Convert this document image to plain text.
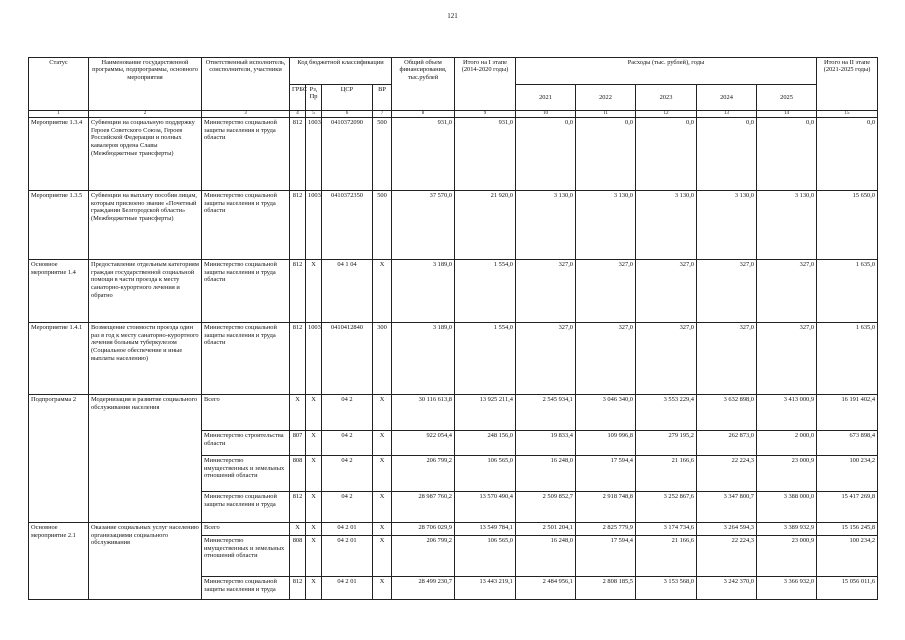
121
Статус	Наименование государственной программы, подпрограммы, основного мероприятия	Ответственный исполнитель, соисполнители, участники	Код бюджетной классификации				Общий объем финансирования, тыс.рублей	Итого на I этапе (2014-2020 годы)	Расходы (тыс. рублей), годы					Итого на II этапе (2021-2025 годы)
			ГРБС	Рз, Пр	ЦСР	ВР			2021	2022	2023	2024	2025	
1	2	3	4	5	6	7	8	9	10	11	12	13	14	15
Мероприятие 1.3.4	Субвенции на социальную поддержку Героев Советского Союза, Героев Российской Федерации и полных кавалеров ордена Славы (Межбюджетные трансферты)	Министерство социальной защиты населения и труда области	812	1003	0410372090	500	931,0	931,0	0,0	0,0	0,0	0,0	0,0	0,0
Мероприятие 1.3.5	Субвенции на выплату пособия лицам, которым присвоено звание «Почетный гражданин Белгородской области» (Межбюджетные трансферты)	Министерство социальной защиты населения и труда области	812	1003	0410372350	500	37 570,0	21 920,0	3 130,0	3 130,0	3 130,0	3 130,0	3 130,0	15 650,0
Основное мероприятие 1.4	Предоставление отдельным категориям граждан государственной социальной помощи в части проезда к месту санаторно-курортного лечения и обратно	Министерство социальной защиты населения и труда области	812	Х	04 1 04	Х	3 189,0	1 554,0	327,0	327,0	327,0	327,0	327,0	1 635,0
Мероприятие 1.4.1	Возмещение стоимости проезда один раз в год к месту санаторно-курортного лечения больным туберкулезом (Социальное обеспечение и иные выплаты населению)	Министерство социальной защиты населения и труда области	812	1003	0410412840	300	3 189,0	1 554,0	327,0	327,0	327,0	327,0	327,0	1 635,0
Подпрограмма 2	Модернизация и развитие социального обслуживания населения	Всего	Х	Х	04 2	Х	30 116 613,8	13 925 211,4	2 545 934,1	3 046 340,0	3 553 229,4	3 632 898,0	3 413 000,9	16 191 402,4
		Министерство строительства области	807	Х	04 2	Х	922 054,4	248 156,0	19 833,4	109 996,8	279 195,2	262 873,0	2 000,0	673 898,4
		Министерство имущественных и земельных отношений области	808	Х	04 2	Х	206 799,2	106 565,0	16 248,0	17 594,4	21 166,6	22 224,3	23 000,9	100 234,2
		Министерство социальной защиты населения и труда	812	Х	04 2	Х	28 987 760,2	13 570 490,4	2 509 852,7	2 918 748,8	3 252 867,6	3 347 800,7	3 388 000,0	15 417 269,8
Основное мероприятие 2.1	Оказание социальных услуг населению организациями социального обслуживания	Всего	Х	Х	04 2 01	Х	28 706 029,9	13 549 784,1	2 501 204,1	2 825 779,9	3 174 734,6	3 264 594,3	3 389 932,9	15 156 245,8
		Министерство имущественных и земельных отношений области	808	Х	04 2 01	Х	206 799,2	106 565,0	16 248,0	17 594,4	21 166,6	22 224,3	23 000,9	100 234,2
		Министерство социальной защиты населения и труда	812	Х	04 2 01	Х	28 499 230,7	13 443 219,1	2 484 956,1	2 808 185,5	3 153 568,0	3 242 370,0	3 366 932,0	15 056 011,6
